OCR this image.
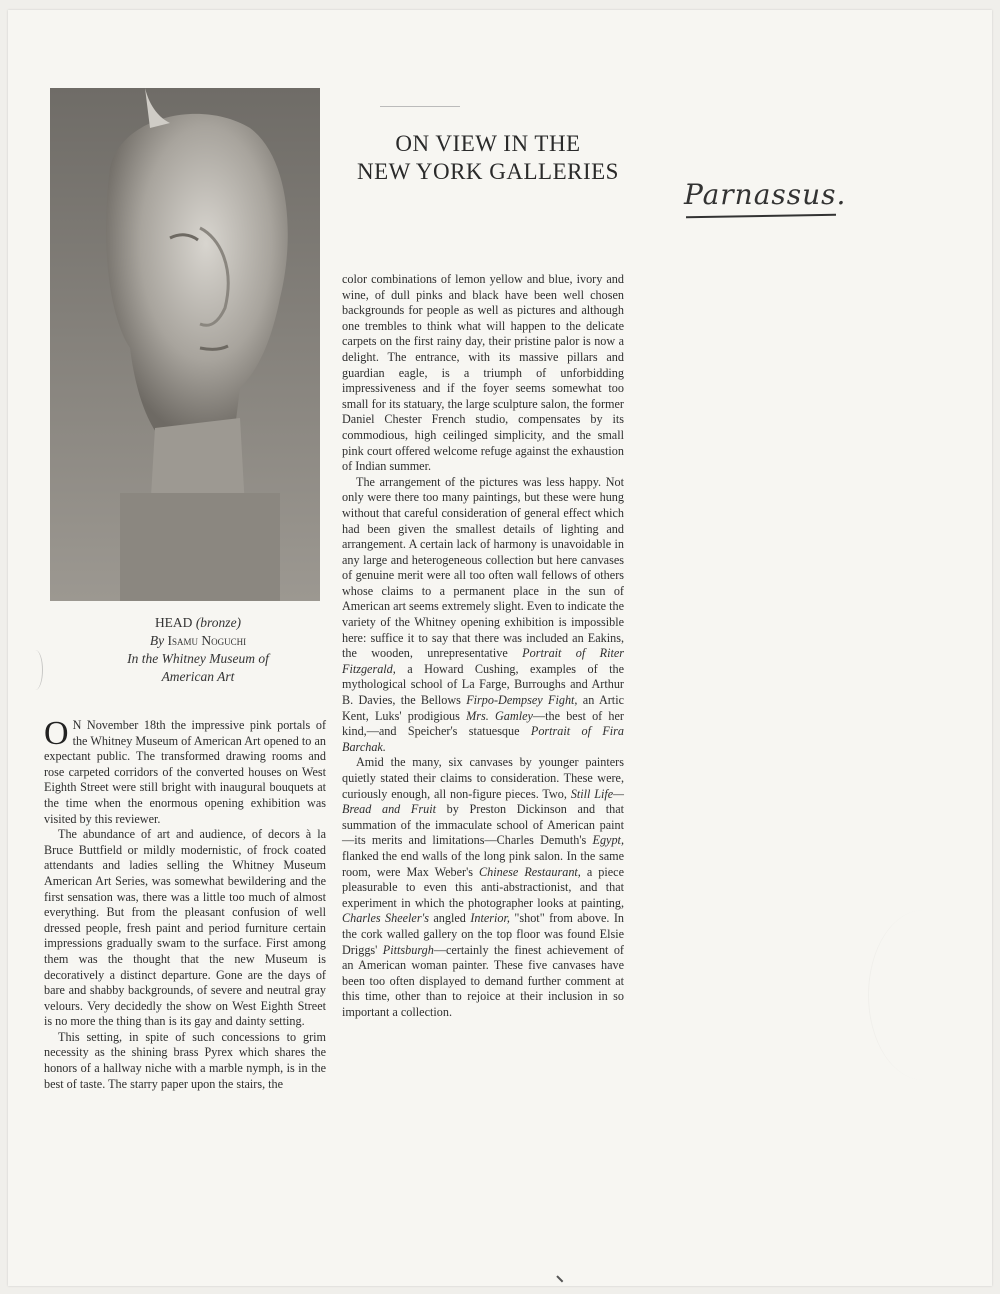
HEAD (bronze)
By Isamu Noguchi
In the Whitney Museum of
American Art
ON VIEW IN THE
NEW YORK GALLERIES
Parnassus.

O N November 18th the impressive pink portals of the Whitney Museum of American Art opened to an expectant public. The transformed drawing rooms and rose carpeted corridors of the converted houses on West Eighth Street were still bright with inaugural bouquets at the time when the enormous opening exhibition was visited by this reviewer.

The abundance of art and audience, of decors à la Bruce Buttfield or mildly modernistic, of frock coated attendants and ladies selling the Whitney Museum American Art Series, was somewhat bewildering and the first sensation was, there was a little too much of almost everything. But from the pleasant confusion of well dressed people, fresh paint and period furniture certain impressions gradually swam to the surface. First among them was the thought that the new Museum is decoratively a distinct departure. Gone are the days of bare and shabby backgrounds, of severe and neutral gray velours. Very decidedly the show on West Eighth Street is no more the thing than is its gay and dainty setting.

This setting, in spite of such concessions to grim necessity as the shining brass Pyrex which shares the honors of a hallway niche with a marble nymph, is in the best of taste. The starry paper upon the stairs, the

color combinations of lemon yellow and blue, ivory and wine, of dull pinks and black have been well chosen backgrounds for people as well as pictures and although one trembles to think what will happen to the delicate carpets on the first rainy day, their pristine palor is now a delight. The entrance, with its massive pillars and guardian eagle, is a triumph of unforbidding impressiveness and if the foyer seems somewhat too small for its statuary, the large sculpture salon, the former Daniel Chester French studio, compensates by its commodious, high ceilinged simplicity, and the small pink court offered welcome refuge against the exhaustion of Indian summer.

The arrangement of the pictures was less happy. Not only were there too many paintings, but these were hung without that careful consideration of general effect which had been given the smallest details of lighting and arrangement. A certain lack of harmony is unavoidable in any large and heterogeneous collection but here canvases of genuine merit were all too often wall fellows of others whose claims to a permanent place in the sun of American art seems extremely slight. Even to indicate the variety of the Whitney opening exhibition is impossible here: suffice it to say that there was included an Eakins, the wooden, unrepresentative Portrait of Riter Fitzgerald, a Howard Cushing, examples of the mythological school of La Farge, Burroughs and Arthur B. Davies, the Bellows Firpo-Dempsey Fight, an Artic Kent, Luks' prodigious Mrs. Gamley—the best of her kind,—and Speicher's statuesque Portrait of Fira Barchak.

Amid the many, six canvases by younger painters quietly stated their claims to consideration. These were, curiously enough, all non-figure pieces. Two, Still Life—Bread and Fruit by Preston Dickinson and that summation of the immaculate school of American paint—its merits and limitations—Charles Demuth's Egypt, flanked the end walls of the long pink salon. In the same room, were Max Weber's Chinese Restaurant, a piece pleasurable to even this anti-abstractionist, and that experiment in which the photographer looks at painting, Charles Sheeler's angled Interior, "shot" from above. In the cork walled gallery on the top floor was found Elsie Driggs' Pittsburgh—certainly the finest achievement of an American woman painter. These five canvases have been too often displayed to demand further comment at this time, other than to rejoice at their inclusion in so important a collection.
